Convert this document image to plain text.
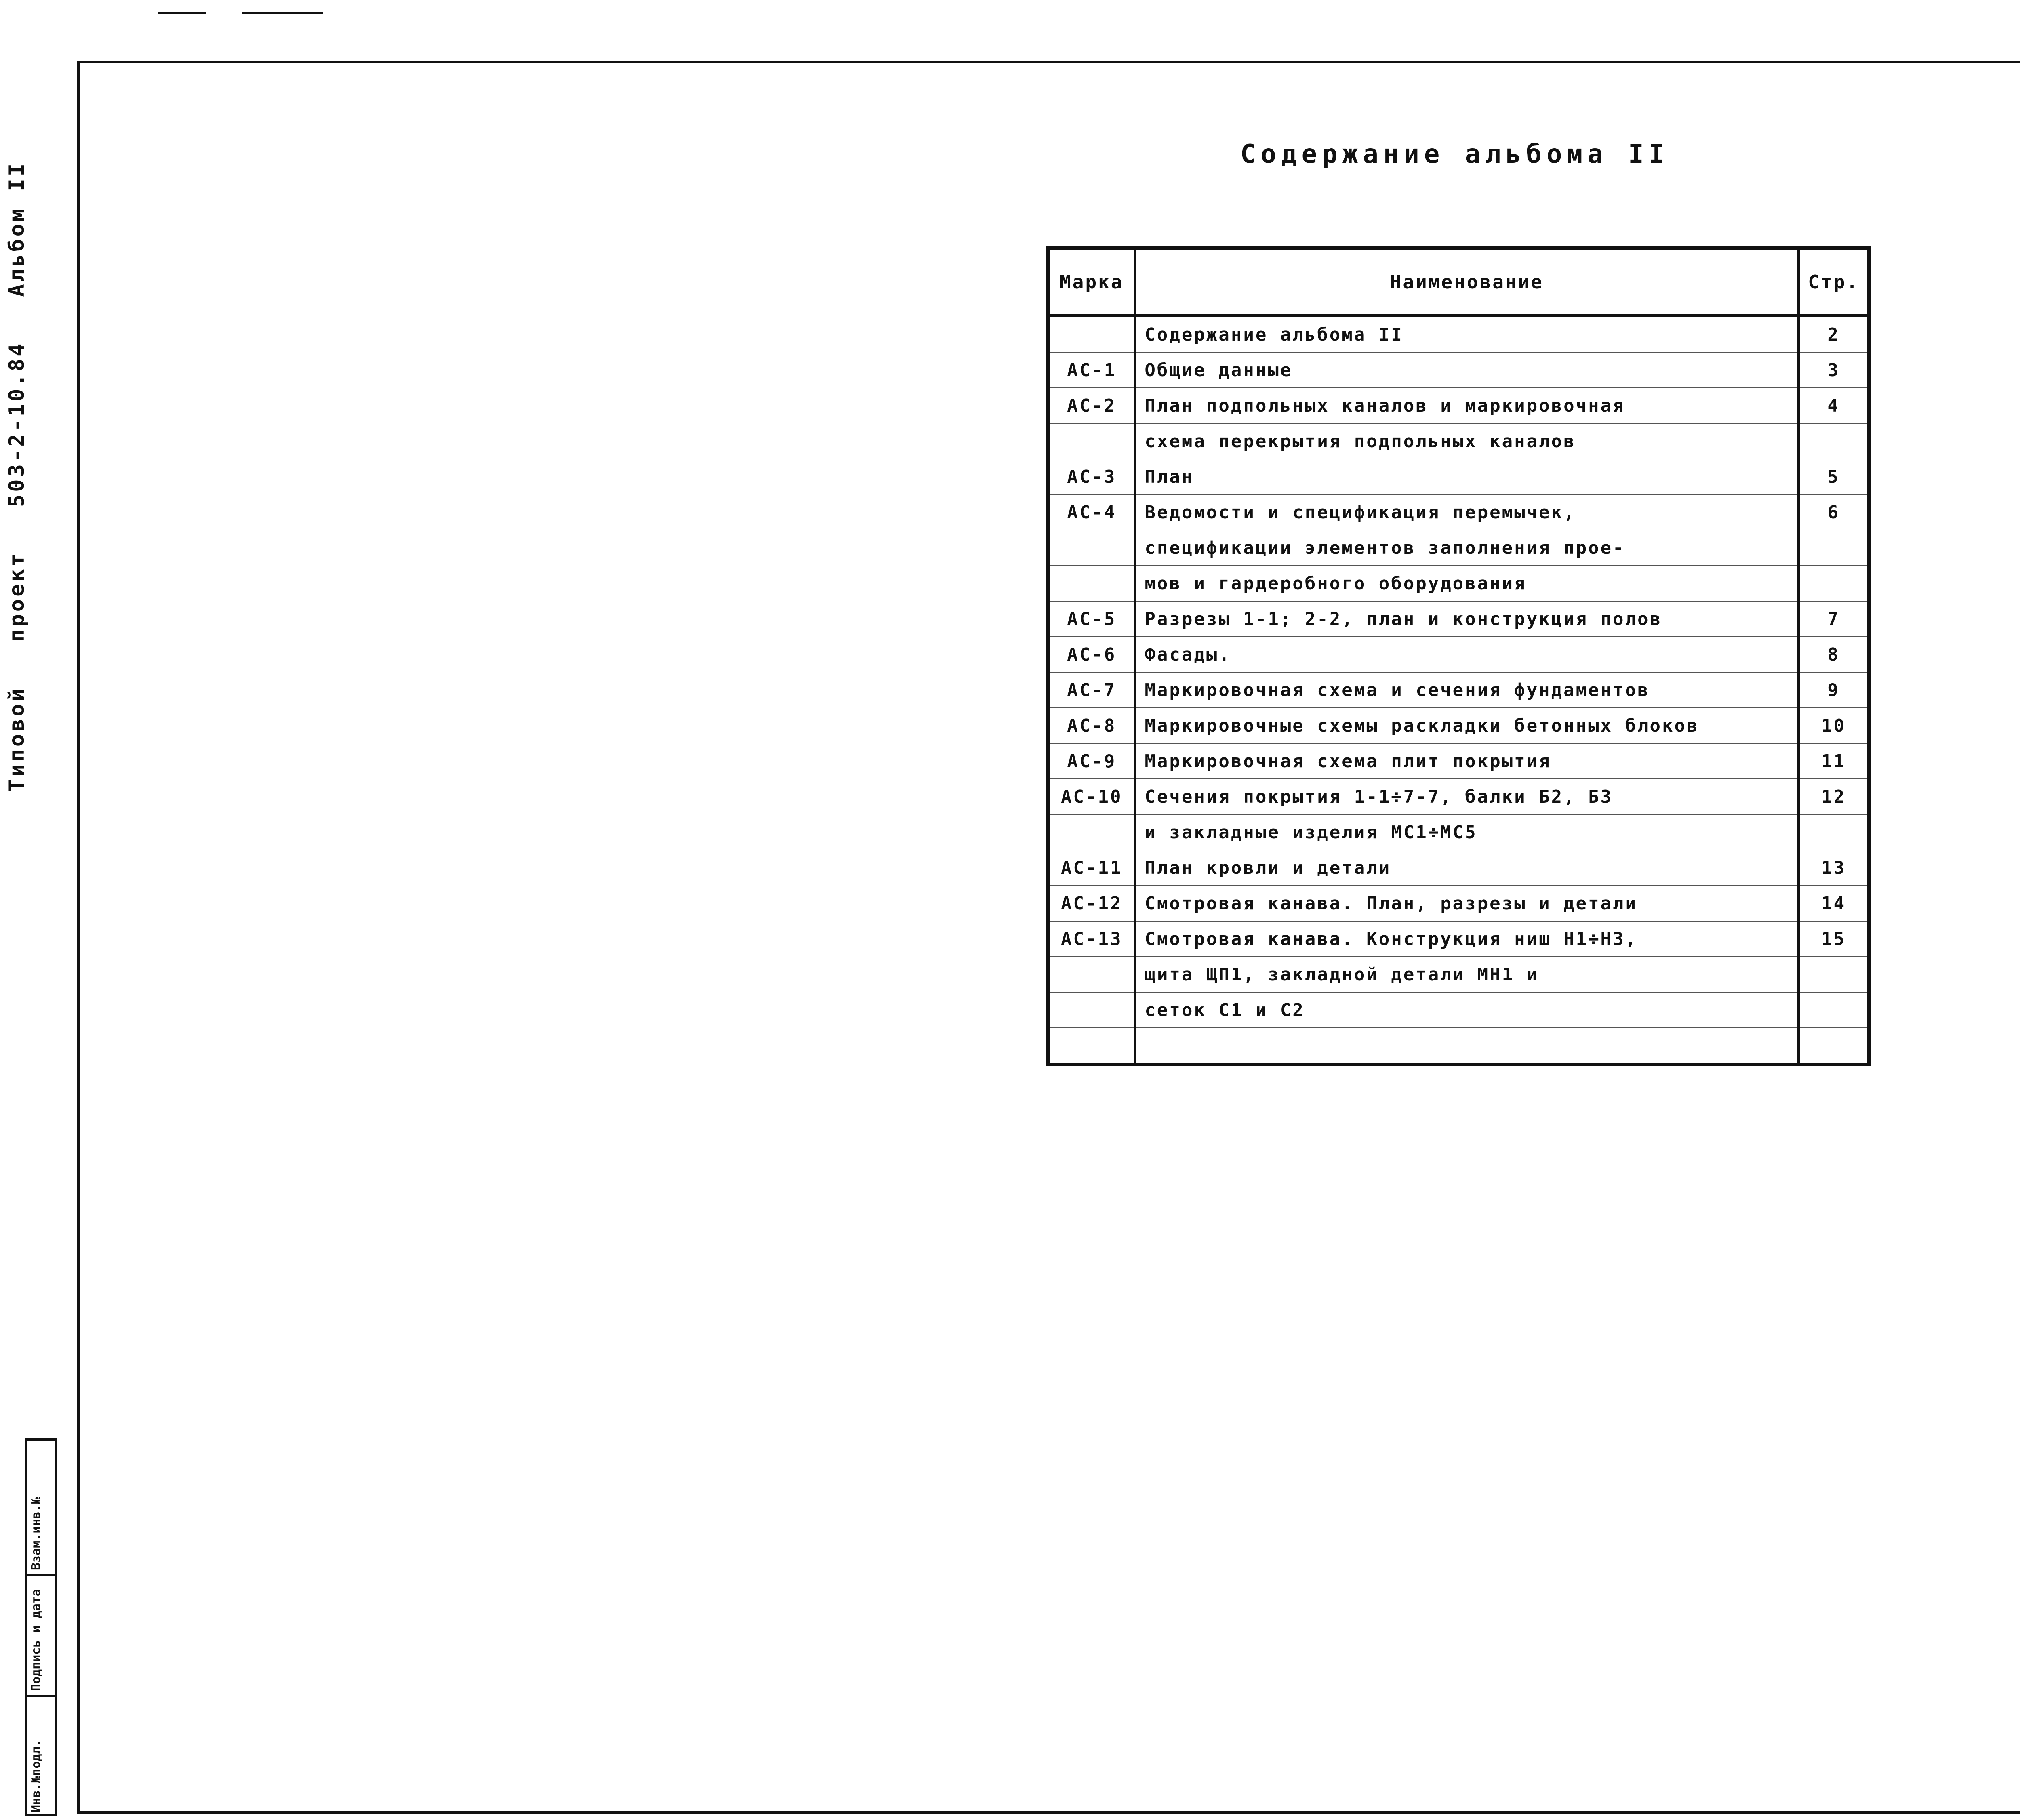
Типовой
проект
503-2-10.84
Альбом II
Инв.№подл.
Подпись и дата
Взам.инв.№
Содержание альбома II
Марка	Наименование	Стр.
	Содержание альбома II	2
АС-1	Общие данные	3
АС-2	План подпольных каналов и маркировочная	4
	схема перекрытия подпольных каналов	
АС-3	План	5
АС-4	Ведомости и спецификация перемычек,	6
	спецификации элементов заполнения прое-	
	мов и гардеробного оборудования	
АС-5	Разрезы 1-1; 2-2, план и конструкция полов	7
АС-6	Фасады.	8
АС-7	Маркировочная схема и сечения фундаментов	9
АС-8	Маркировочные схемы раскладки бетонных блоков	10
АС-9	Маркировочная схема плит покрытия	11
АС-10	Сечения покрытия 1-1÷7-7, балки Б2, Б3	12
	и закладные изделия МС1÷МС5	
АС-11	План кровли и детали	13
АС-12	Смотровая канава. План, разрезы и детали	14
АС-13	Смотровая канава. Конструкция ниш Н1÷Н3,	15
	щита ЩП1, закладной детали МН1 и	
	сеток С1 и С2	
